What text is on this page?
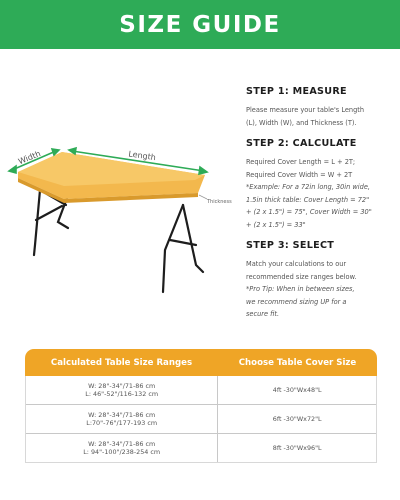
SIZE GUIDE
Width	Length
Thickness
STEP 1: MEASURE
Please measure your table's Length
(L), Width (W), and Thickness (T).
STEP 2: CALCULATE
Required Cover Length = L + 2T;
Required Cover Width = W + 2T
*Example: For a 72in long, 30in wide,
1.5in thick table: Cover Length = 72"
+ (2 x 1.5") = 75", Cover Width = 30"
+ (2 x 1.5") = 33"
STEP 3: SELECT
Match your calculations to our
recommended size ranges below.
*Pro Tip: When in between sizes,
we recommend sizing UP for a
secure fit.
Calculated Table Size Ranges	Choose Table Cover Size
W: 28"-34"/71-86 cm
L: 46"-52"/116-132 cm
4ft -30"Wx48"L
W: 28"-34"/71-86 cm
L:70"-76"/177-193 cm
6ft -30"Wx72"L
W: 28"-34"/71-86 cm
L: 94"-100"/238-254 cm
8ft -30"Wx96"L
